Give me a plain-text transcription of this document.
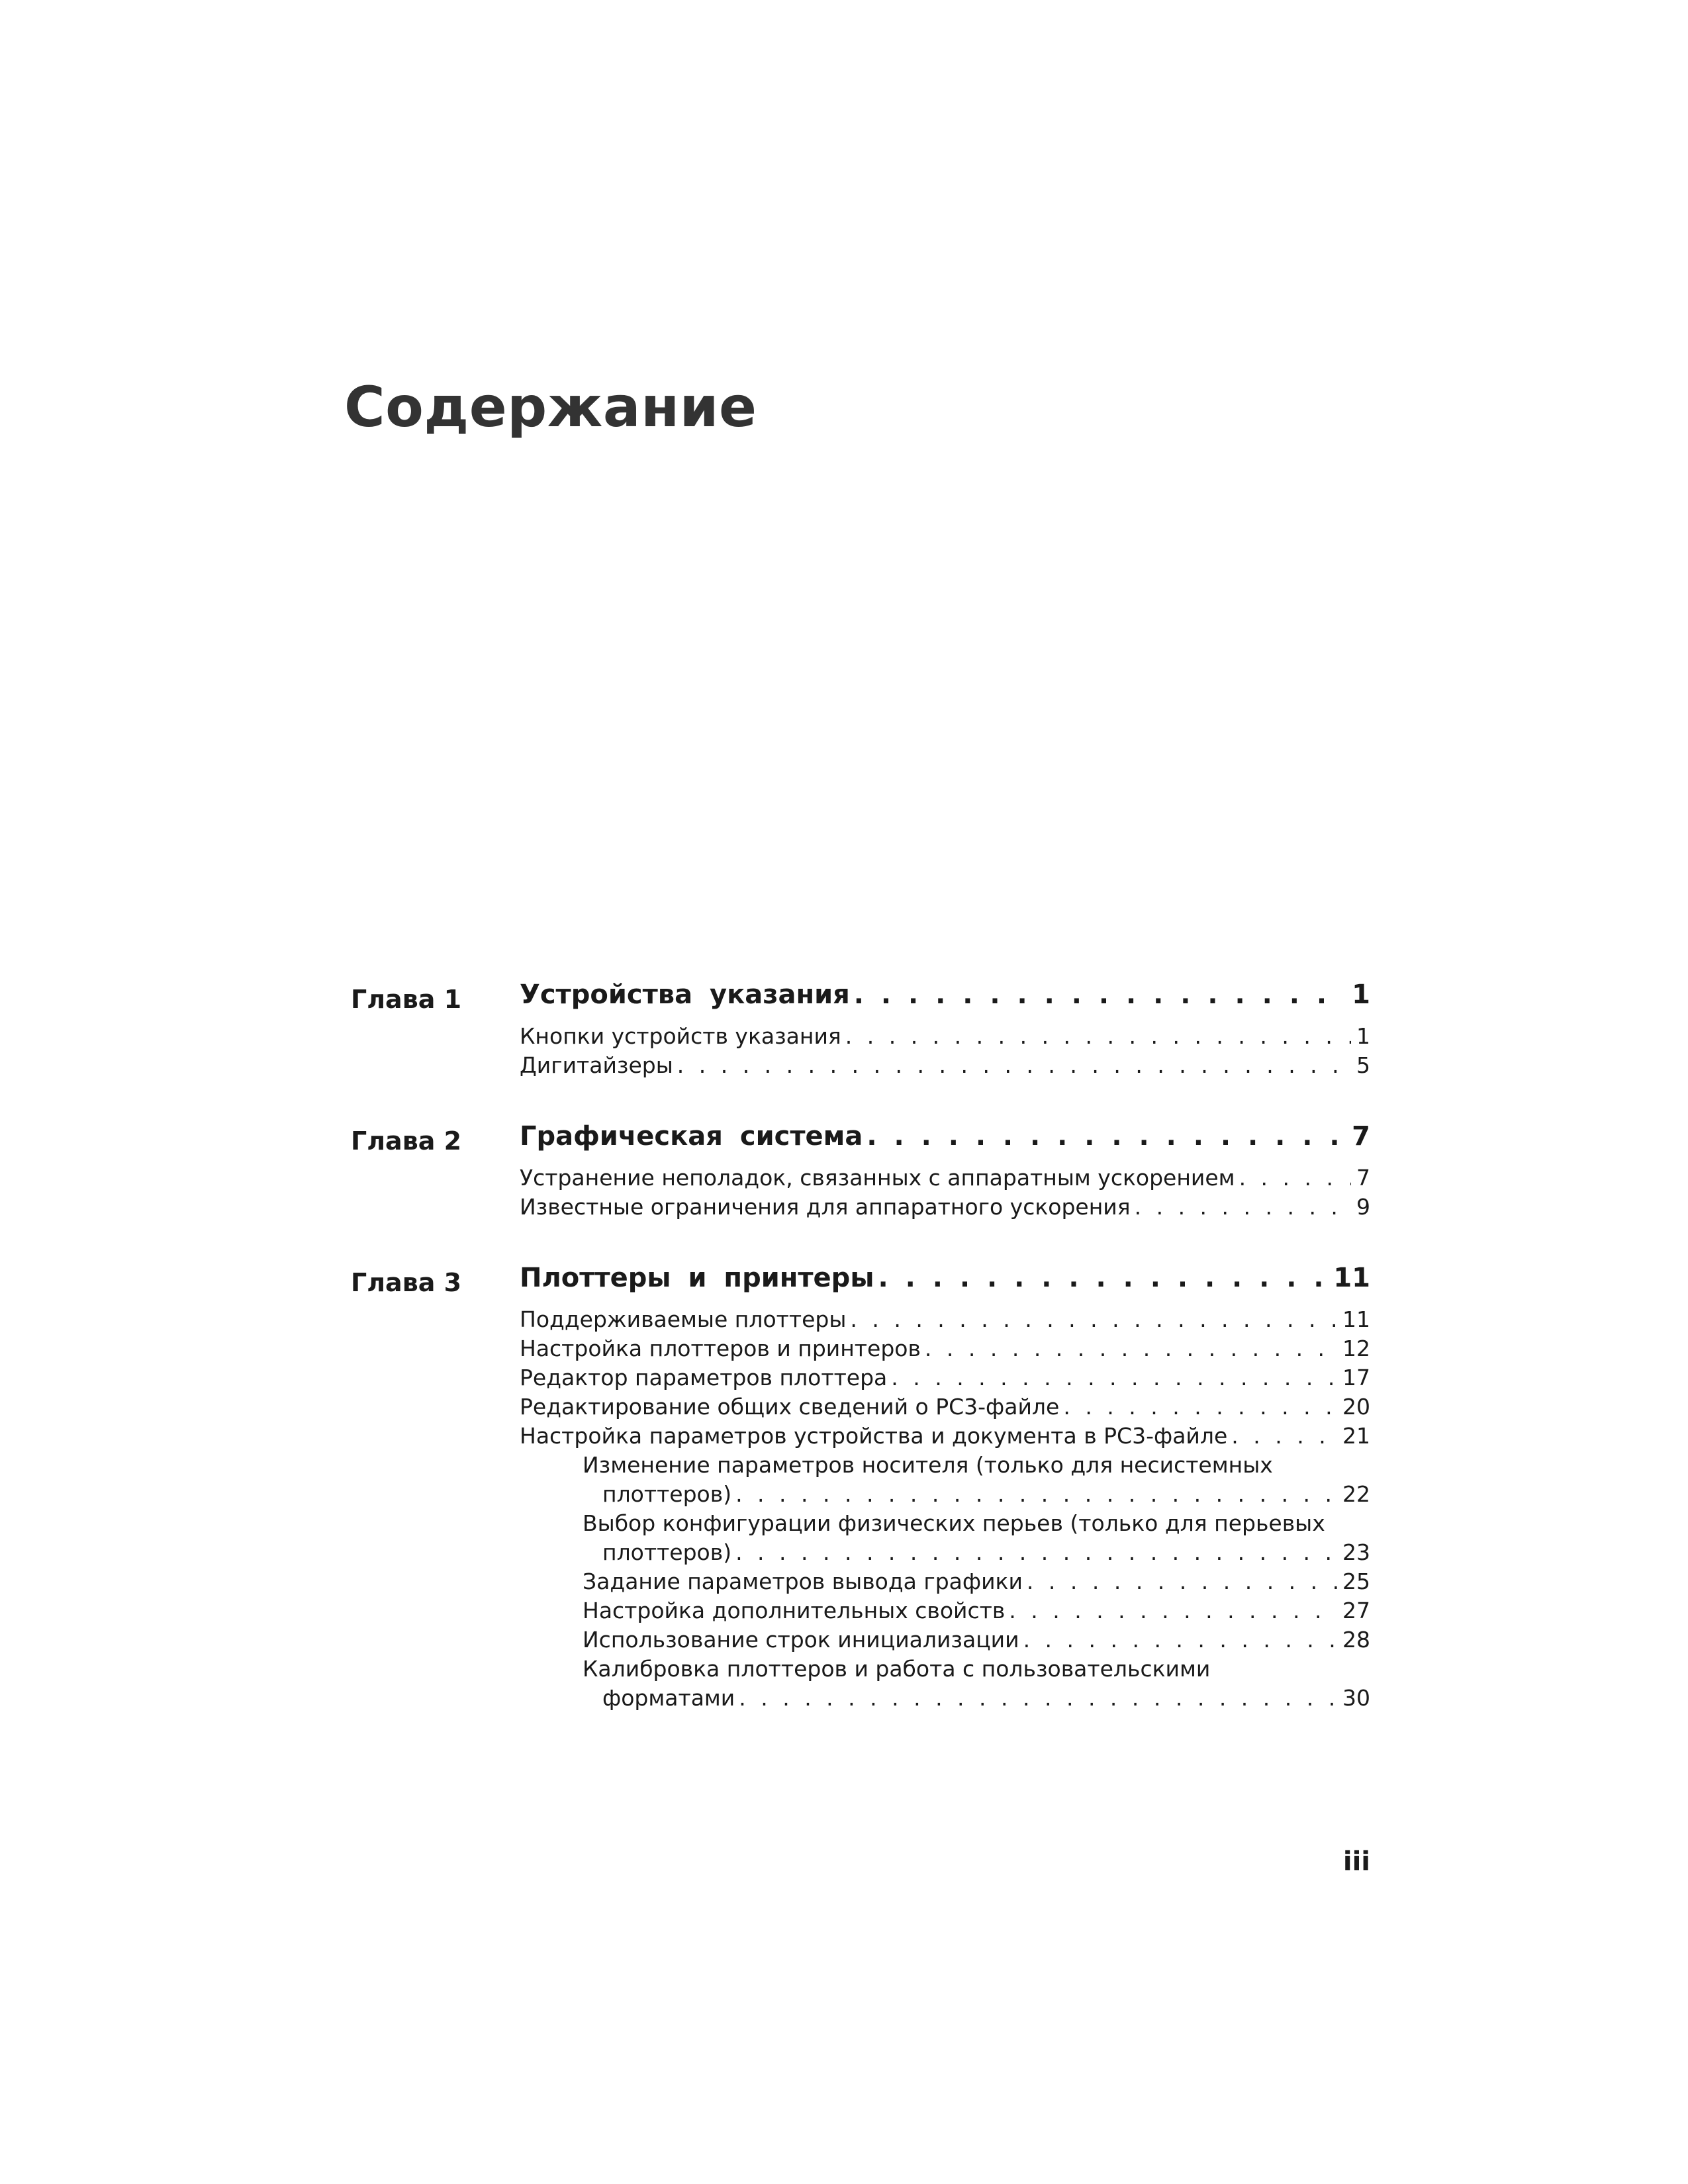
Содержание
Глава 1	Устройства указания . . .	1
Кнопки устройств указания . . .	1
Дигитайзеры . . .	5
Глава 2	Графическая система . . .	7
Устранение неполадок, связанных с аппаратным ускорением . . .	7
Известные ограничения для аппаратного ускорения . . .	9
Глава 3	Плоттеры и принтеры . . .	11
Поддерживаемые плоттеры . . .	11
Настройка плоттеров и принтеров . . .	12
Редактор параметров плоттера . . .	17
Редактирование общих сведений о PC3-файле . . .	20
Настройка параметров устройства и документа в PC3-файле . . .	21
Изменение параметров носителя (только для несистемных
плоттеров) . . .	22
Выбор конфигурации физических перьев (только для перьевых
плоттеров) . . .	23
Задание параметров вывода графики . . .	25
Настройка дополнительных свойств . . .	27
Использование строк инициализации . . .	28
Калибровка плоттеров и работа с пользовательскими
форматами . . .	30
iii
